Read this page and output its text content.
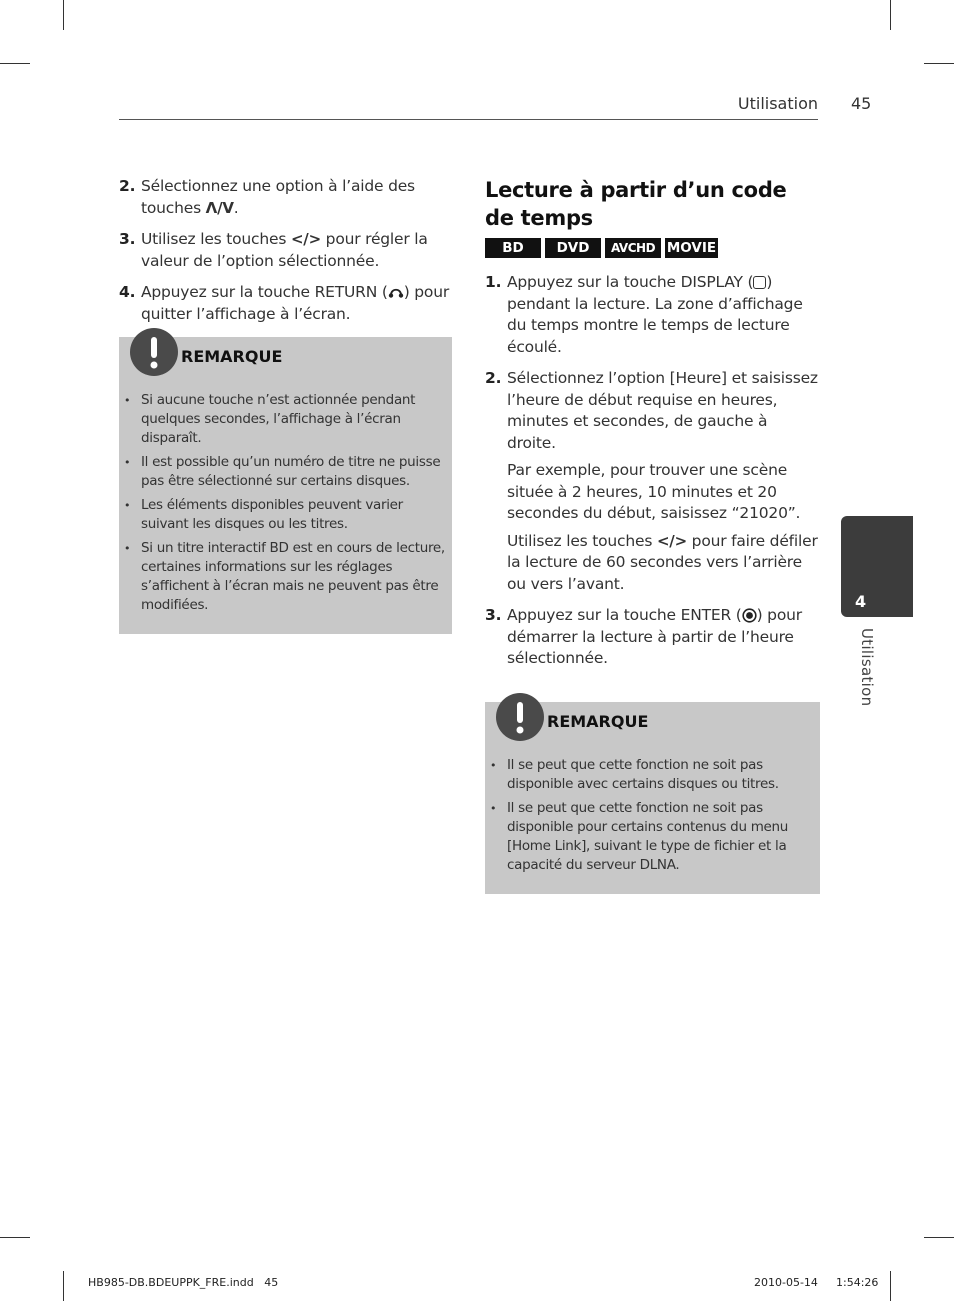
Utilisation 45
2. Sélectionnez une option à l’aide des touches Λ/V.
3. Utilisez les touches </> pour régler la valeur de l’option sélectionnée.
4. Appuyez sur la touche RETURN ( ) pour quitter l’affichage à l’écran.
REMARQUE
• Si aucune touche n’est actionnée pendant quelques secondes, l’affichage à l’écran disparaît.
• Il est possible qu’un numéro de titre ne puisse pas être sélectionné sur certains disques.
• Les éléments disponibles peuvent varier suivant les disques ou les titres.
• Si un titre interactif BD est en cours de lecture, certaines informations sur les réglages s’affichent à l’écran mais ne peuvent pas être modifiées.
Lecture à partir d’un code de temps
BD	DVD	AVCHD MOVIE
1. Appuyez sur la touche DISPLAY ( ) pendant la lecture. La zone d’affichage du temps montre le temps de lecture écoulé.
2. Sélectionnez l’option [Heure] et saisissez l’heure de début requise en heures, minutes et secondes, de gauche à droite.

Par exemple, pour trouver une scène située à 2 heures, 10 minutes et 20 secondes du début, saisissez “21020”.

Utilisez les touches </> pour faire défiler la lecture de 60 secondes vers l’arrière ou vers l’avant.

3. Appuyez sur la touche ENTER ( ) pour démarrer la lecture à partir de l’heure sélectionnée.
REMARQUE
• Il se peut que cette fonction ne soit pas disponible avec certains disques ou titres.
• Il se peut que cette fonction ne soit pas disponible pour certains contenus du menu [Home Link], suivant le type de fichier et la capacité du serveur DLNA.
4
Utilisation
HB985-DB.BDEUPPK_FRE.indd   45	2010-05-14 1:54:26
